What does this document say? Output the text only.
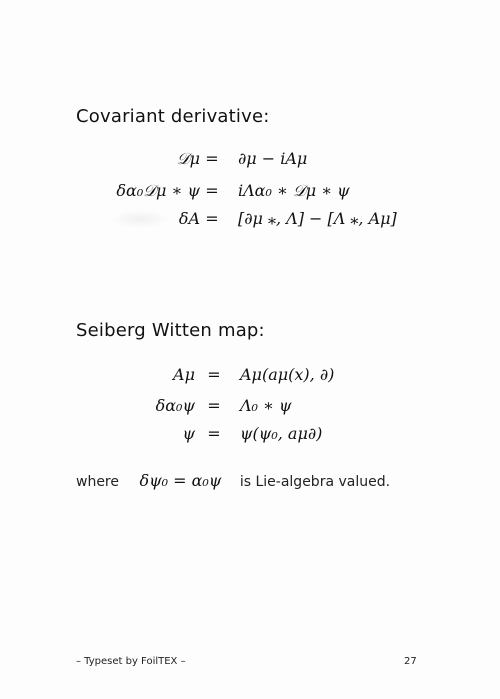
Covariant derivative:
𝒟μ = ∂μ − iAμ
δα₀𝒟μ ∗ ψ = iΛα₀ ∗ 𝒟μ ∗ ψ
δA = [∂μ ⁎, Λ] − [Λ ⁎, Aμ]
Seiberg Witten map:
Aμ = Aμ(aμ(x), ∂)
δα₀ψ = Λ₀ ∗ ψ
ψ = ψ(ψ₀, aμ∂)
where δψ₀ = α₀ψ is Lie-algebra valued.
– Typeset by FoilTEX –	27
